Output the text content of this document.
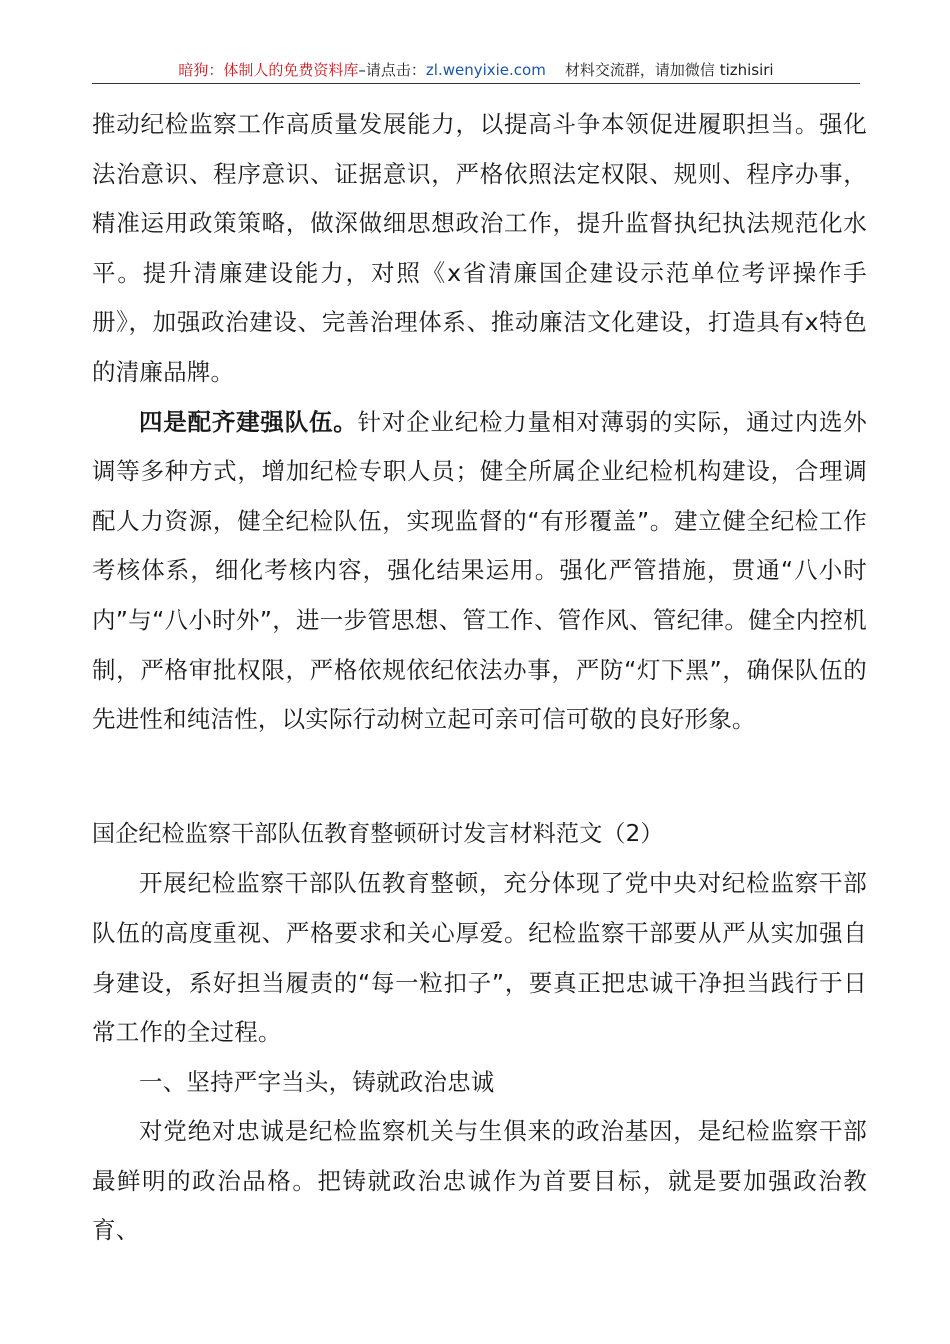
暗狗：体制人的免费资料库–请点击：zl.wenyixie.com 材料交流群，请加微信 tizhisiri

推动纪检监察工作高质量发展能力，以提高斗争本领促进履职担当。强化法治意识、程序意识、证据意识，严格依照法定权限、规则、程序办事，精准运用政策策略，做深做细思想政治工作，提升监督执纪执法规范化水平。提升清廉建设能力，对照《x省清廉国企建设示范单位考评操作手册》，加强政治建设、完善治理体系、推动廉洁文化建设，打造具有x特色的清廉品牌。

四是配齐建强队伍。针对企业纪检力量相对薄弱的实际，通过内选外调等多种方式，增加纪检专职人员；健全所属企业纪检机构建设，合理调配人力资源，健全纪检队伍，实现监督的“有形覆盖”。建立健全纪检工作考核体系，细化考核内容，强化结果运用。强化严管措施，贯通“八小时内”与“八小时外”，进一步管思想、管工作、管作风、管纪律。健全内控机制，严格审批权限，严格依规依纪依法办事，严防“灯下黑”，确保队伍的先进性和纯洁性，以实际行动树立起可亲可信可敬的良好形象。

国企纪检监察干部队伍教育整顿研讨发言材料范文（2）

开展纪检监察干部队伍教育整顿，充分体现了党中央对纪检监察干部队伍的高度重视、严格要求和关心厚爱。纪检监察干部要从严从实加强自身建设，系好担当履责的“每一粒扣子”，要真正把忠诚干净担当践行于日常工作的全过程。

一、坚持严字当头，铸就政治忠诚

对党绝对忠诚是纪检监察机关与生俱来的政治基因，是纪检监察干部最鲜明的政治品格。把铸就政治忠诚作为首要目标，就是要加强政治教育、
